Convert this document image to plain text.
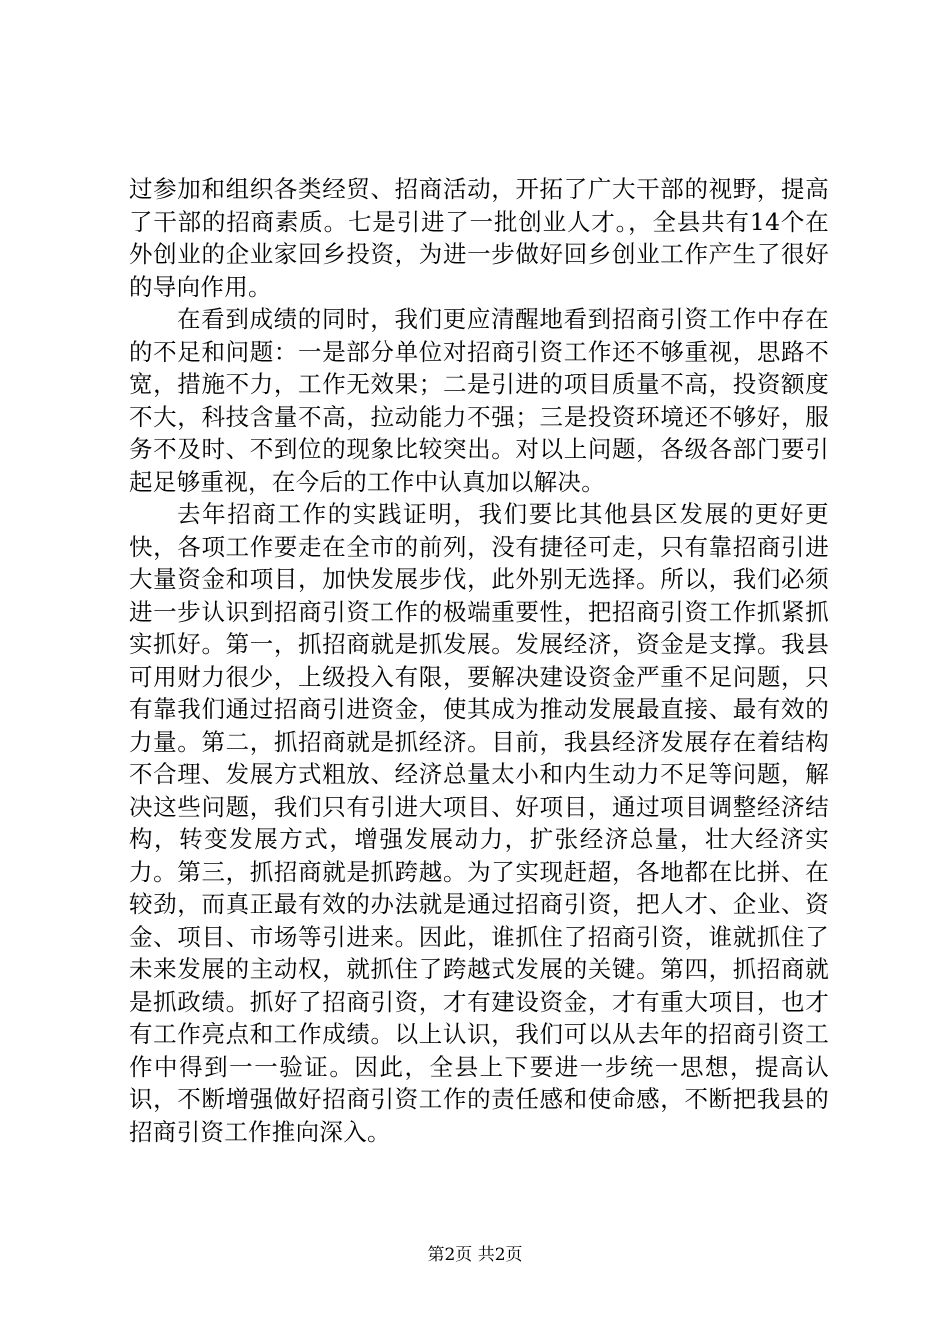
过参加和组织各类经贸、招商活动，开拓了广大干部的视野，提高了干部的招商素质。七是引进了一批创业人才。，全县共有14个在外创业的企业家回乡投资，为进一步做好回乡创业工作产生了很好的导向作用。

在看到成绩的同时，我们更应清醒地看到招商引资工作中存在的不足和问题：一是部分单位对招商引资工作还不够重视，思路不宽，措施不力，工作无效果；二是引进的项目质量不高，投资额度不大，科技含量不高，拉动能力不强；三是投资环境还不够好，服务不及时、不到位的现象比较突出。对以上问题，各级各部门要引起足够重视，在今后的工作中认真加以解决。

去年招商工作的实践证明，我们要比其他县区发展的更好更快，各项工作要走在全市的前列，没有捷径可走，只有靠招商引进大量资金和项目，加快发展步伐，此外别无选择。所以，我们必须进一步认识到招商引资工作的极端重要性，把招商引资工作抓紧抓实抓好。第一，抓招商就是抓发展。发展经济，资金是支撑。我县可用财力很少，上级投入有限，要解决建设资金严重不足问题，只有靠我们通过招商引进资金，使其成为推动发展最直接、最有效的力量。第二，抓招商就是抓经济。目前，我县经济发展存在着结构不合理、发展方式粗放、经济总量太小和内生动力不足等问题，解决这些问题，我们只有引进大项目、好项目，通过项目调整经济结构，转变发展方式，增强发展动力，扩张经济总量，壮大经济实力。第三，抓招商就是抓跨越。为了实现赶超，各地都在比拼、在较劲，而真正最有效的办法就是通过招商引资，把人才、企业、资金、项目、市场等引进来。因此，谁抓住了招商引资，谁就抓住了未来发展的主动权，就抓住了跨越式发展的关键。第四，抓招商就是抓政绩。抓好了招商引资，才有建设资金，才有重大项目，也才有工作亮点和工作成绩。以上认识，我们可以从去年的招商引资工作中得到一一验证。因此，全县上下要进一步统一思想，提高认识，不断增强做好招商引资工作的责任感和使命感，不断把我县的招商引资工作推向深入。

第2页 共2页
